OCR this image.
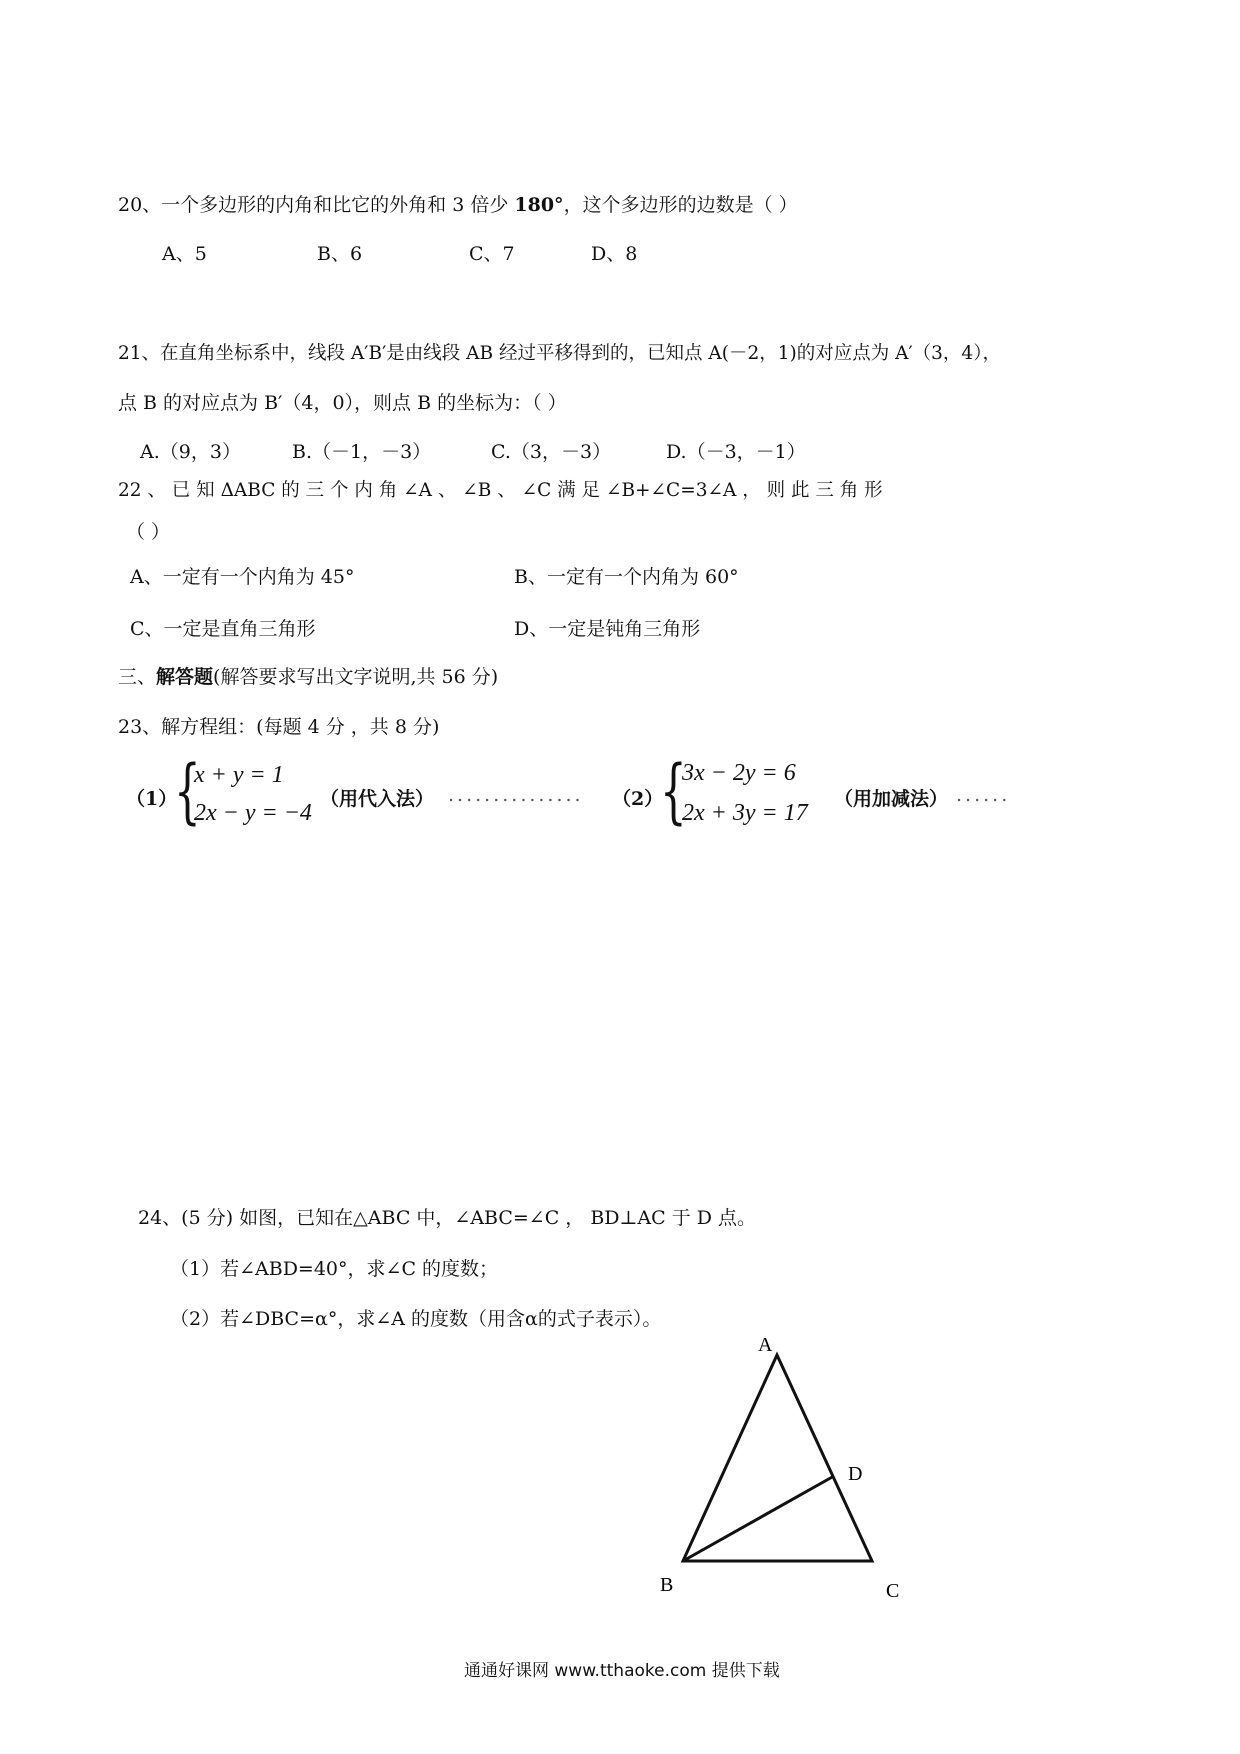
20、一个多边形的内角和比它的外角和 3 倍少 180°，这个多边形的边数是（ ）
A、5	B、6	C、7	D、8
21、在直角坐标系中，线段 A′B′是由线段 AB 经过平移得到的，已知点 A(－2，1)的对应点为 A′（3，4），
点 B 的对应点为 B′（4，0），则点 B 的坐标为：（ ）
A.（9，3）	B.（－1，－3）	C.（3，－3）	D.（－3，－1）
22 、 已 知 ΔABC 的 三 个 内 角 ∠A 、 ∠B 、 ∠C 满 足 ∠B+∠C=3∠A ， 则 此 三 角 形
（ ）
A、一定有一个内角为 45°	B、一定有一个内角为 60°
C、一定是直角三角形	D、一定是钝角三角形
三、解答题(解答要求写出文字说明,共 56 分)
23、解方程组：(每题 4 分 ，共 8 分)
（1）
{
x + y = 1
2x − y = −4
（用代入法） ............... （2）
{
3x − 2y = 6
2x + 3y = 17
（用加减法） ......
24、(5 分) 如图，已知在△ABC 中，∠ABC=∠C ， BD⊥AC 于 D 点。
（1）若∠ABD=40°，求∠C 的度数；
（2）若∠DBC=α°，求∠A 的度数（用含α的式子表示）。
A
B	C
D
通通好课网 www.tthaoke.com 提供下载
